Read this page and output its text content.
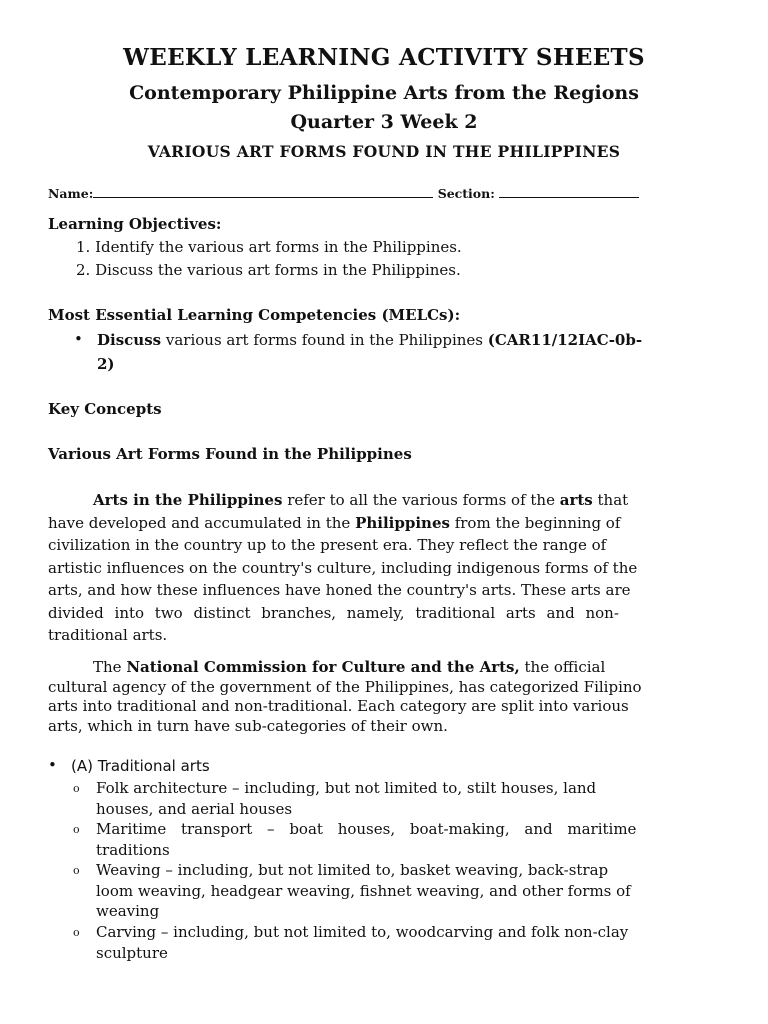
WEEKLY LEARNING ACTIVITY SHEETS
Contemporary Philippine Arts from the Regions
Quarter 3 Week 2
VARIOUS ART FORMS FOUND IN THE PHILIPPINES
Name:	Section:
Learning Objectives:
1. Identify the various art forms in the Philippines.
2. Discuss the various art forms in the Philippines.
Most Essential Learning Competencies (MELCs):
• Discuss various art forms found in the Philippines (CAR11/12IAC-0b-
2)
Key Concepts
Various Art Forms Found in the Philippines
Arts in the Philippines refer to all the various forms of the arts that
have developed and accumulated in the Philippines from the beginning of
civilization in the country up to the present era. They reflect the range of
artistic influences on the country's culture, including indigenous forms of the
arts, and how these influences have honed the country's arts. These arts are
divided into two distinct branches, namely, traditional arts and non-
traditional arts.
The National Commission for Culture and the Arts, the official
cultural agency of the government of the Philippines, has categorized Filipino
arts into traditional and non-traditional. Each category are split into various
arts, which in turn have sub-categories of their own.
• (A) Traditional arts
o Folk architecture – including, but not limited to, stilt houses, land
houses, and aerial houses
o Maritime transport – boat houses, boat-making, and maritime
traditions
o Weaving – including, but not limited to, basket weaving, back-strap
loom weaving, headgear weaving, fishnet weaving, and other forms of
weaving
o Carving – including, but not limited to, woodcarving and folk non-clay
sculpture
